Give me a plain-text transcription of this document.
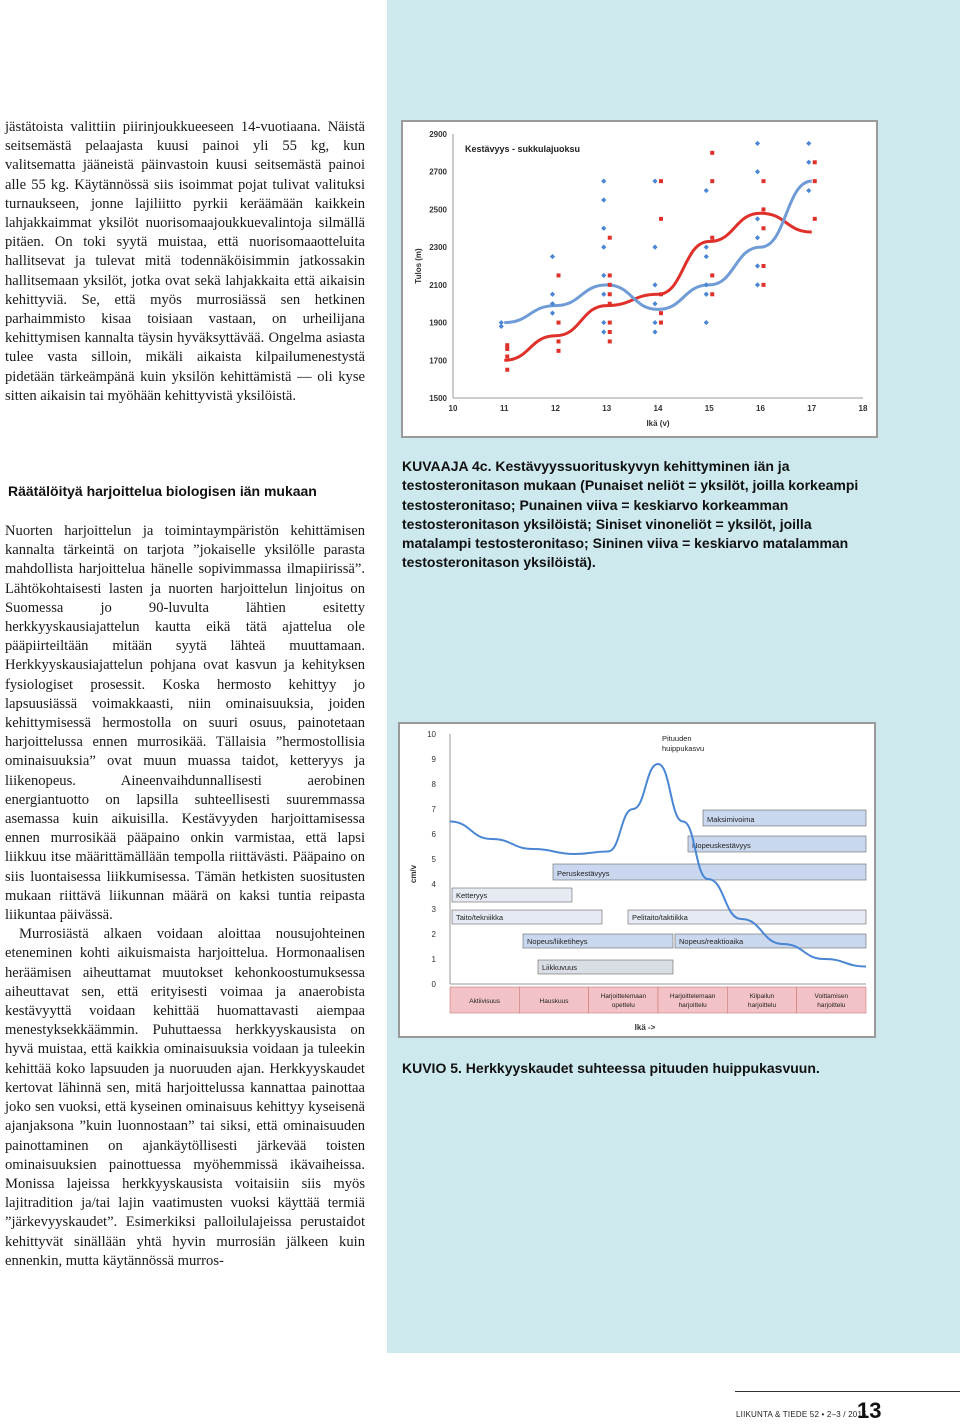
jästätoista valittiin piirinjoukkueeseen 14-vuotiaana. Näistä seitsemästä pelaajasta kuusi painoi yli 55 kg, kun valitsematta jääneistä päinvastoin kuusi seitsemästä painoi alle 55 kg. Käytännössä siis isoimmat pojat tulivat valituksi turnaukseen, jonne lajiliitto pyrkii keräämään kaikkein lahjakkaimmat yksilöt nuorisomaajoukkuevalintoja silmällä pitäen. On toki syytä muistaa, että nuorisomaaotteluita hallitsevat ja tulevat mitä todennäköisimmin jatkossakin hallitsemaan yksilöt, jotka ovat sekä lahjakkaita että aikaisin kehittyviä. Se, että myös murrosiässä sen hetkinen parhaimmisto kisaa toisiaan vastaan, on urheilijana kehittymisen kannalta täysin hyväksyttävää. Ongelma asiasta tulee vasta silloin, mikäli aikaista kilpailumenestystä pidetään tärkeämpänä kuin yksilön kehittämistä — oli kyse sitten aikaisin tai myöhään kehittyvistä yksilöistä.

Räätälöityä harjoittelua biologisen iän mukaan

Nuorten harjoittelun ja toimintaympäristön kehittämisen kannalta tärkeintä on tarjota ”jokaiselle yksilölle parasta mahdollista harjoittelua hänelle sopivimmassa ilmapiirissä”. Lähtökohtaisesti lasten ja nuorten harjoittelun linjoitus on Suomessa jo 90-luvulta lähtien esitetty herkkyyskausiajattelun kautta eikä tätä ajattelua ole pääpiirteiltään mitään syytä lähteä muuttamaan. Herkkyyskausiajattelun pohjana ovat kasvun ja kehityksen fysiologiset prosessit. Koska hermosto kehittyy jo lapsuusiässä voimakkaasti, niin ominaisuuksia, joiden kehittymisessä hermostolla on suuri osuus, painotetaan harjoittelussa ennen murrosikää. Tällaisia ”hermostollisia ominaisuuksia” ovat muun muassa taidot, ketteryys ja liikenopeus. Aineenvaihdunnallisesti aerobinen energiantuotto on lapsilla suhteellisesti suuremmassa asemassa kuin aikuisilla. Kestävyyden harjoittamisessa ennen murrosikää pääpaino onkin varmistaa, että lapsi liikkuu itse määrittämällään tempolla riittävästi. Pääpaino on siis luontaisessa liikkumisessa. Tämän hetkisten suositusten mukaan riittävä liikunnan määrä on kaksi tuntia reipasta liikuntaa päivässä.

Murrosiästä alkaen voidaan aloittaa nousujohteinen eteneminen kohti aikuismaista harjoittelua. Hormonaalisen heräämisen aiheuttamat muutokset kehonkoostumuksessa aiheuttavat sen, että erityisesti voimaa ja anaerobista kestävyyttä voidaan kehittää huomattavasti aiempaa menestyksekkäämmin. Puhuttaessa herkkyyskausista on hyvä muistaa, että kaikkia ominaisuuksia voidaan ja tuleekin kehittää koko lapsuuden ja nuoruuden ajan. Herkkyyskaudet kertovat lähinnä sen, mitä harjoittelussa kannattaa painottaa joko sen vuoksi, että kyseinen ominaisuus kehittyy kyseisenä ajanjaksona ”kuin luonnostaan” tai siksi, että ominaisuuden painottaminen on ajankäytöllisesti järkevää toisten ominaisuuksien painottuessa myöhemmissä ikävaiheissa. Monissa lajeissa herkkyyskausista voitaisiin siis myös lajitradition ja/tai lajin vaatimusten vuoksi käyttää termiä ”järkevyyskaudet”. Esimerkiksi palloilulajeissa perustaidot kehittyvät sinällään yhtä hyvin murrosiän jälkeen kuin ennenkin, mutta käytännössä murros-

1500
1700
1900
2100
2300
2500
2700
2900
10	11	12	13	14	15	16	17	18
Ikä (v)
Tulos (m)
Kestävyys - sukkulajuoksu
KUVAAJA 4c. Kestävyyssuorituskyvyn kehittyminen iän ja testosteronitason mukaan (Punaiset neliöt = yksilöt, joilla korkeampi testosteronitaso; Punainen viiva = keskiarvo korkeamman testosteronitason yksilöistä; Siniset vinoneliöt = yksilöt, joilla matalampi testosteronitaso; Sininen viiva = keskiarvo matalamman testosteronitason yksilöistä).
0
1
2
3
4
5
6
7
8
9
10
cm/v
Ikä ->
Maksimivoima
Nopeuskestävyys
Peruskestävyys
Ketteryys
Taito/tekniikka	Pelitaito/taktiikka
Nopeus/liiketiheys	Nopeus/reaktioaika
Liikkuvuus
Pituuden
huippukasvu
Aktiivisuus	Hauskuus
Harjoittelemaan
opettelu
Harjoittelemaan
harjoittelu
Kilpailun
harjoittelu
Voittamisen
harjoittelu
KUVIO 5. Herkkyyskaudet suhteessa pituuden huippukasvuun.
LIIKUNTA & TIEDE 52 • 2–3 / 2015
13
